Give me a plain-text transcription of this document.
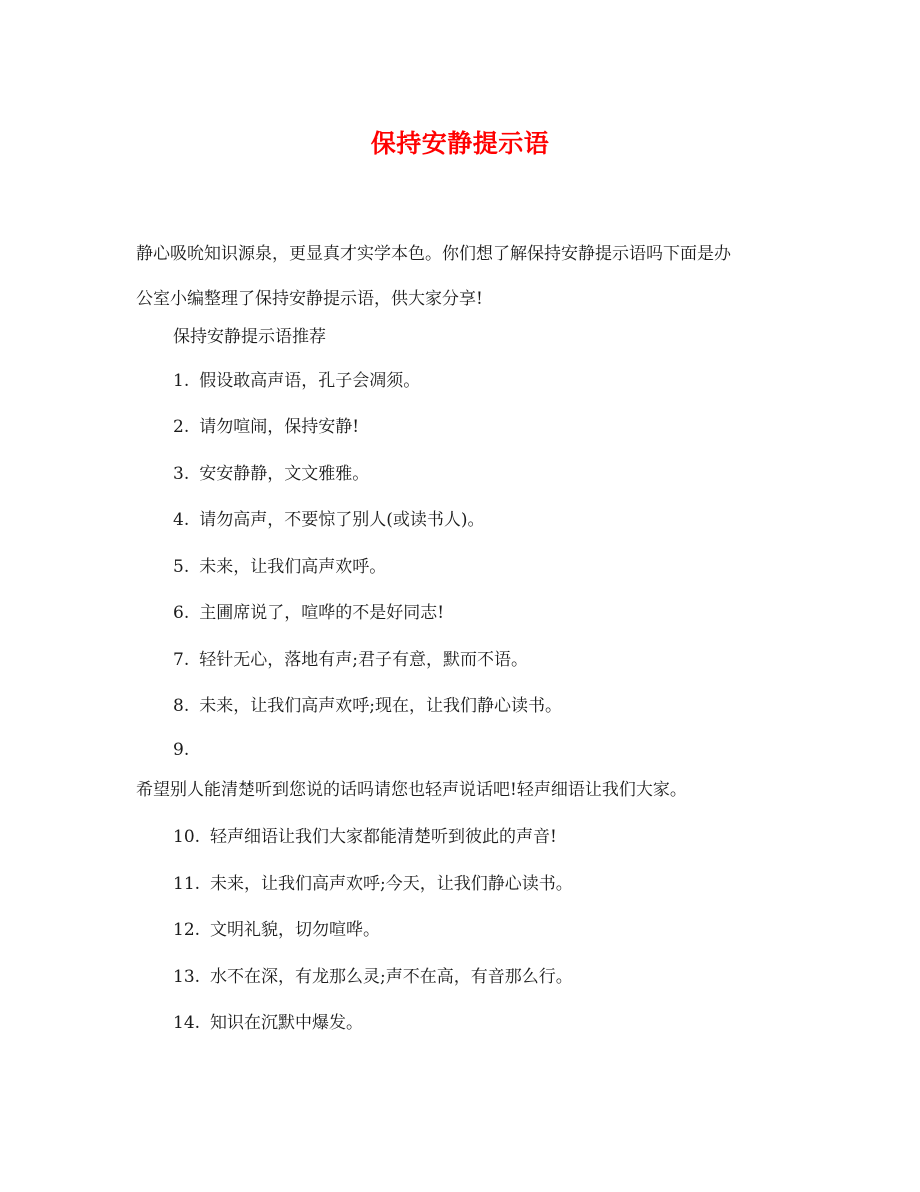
保持安静提示语
静心吸吮知识源泉，更显真才实学本色。你们想了解保持安静提示语吗下面是办
公室小编整理了保持安静提示语，供大家分享!
保持安静提示语推荐
1. 假设敢高声语，孔子会凋须。
2. 请勿喧闹，保持安静!
3. 安安静静，文文雅雅。
4. 请勿高声，不要惊了别人(或读书人)。
5. 未来，让我们高声欢呼。
6. 主圃席说了，喧哗的不是好同志!
7. 轻针无心，落地有声;君子有意，默而不语。
8. 未来，让我们高声欢呼;现在，让我们静心读书。
9.
希望别人能清楚听到您说的话吗请您也轻声说话吧!轻声细语让我们大家。
10. 轻声细语让我们大家都能清楚听到彼此的声音!
11. 未来，让我们高声欢呼;今天，让我们静心读书。
12. 文明礼貌，切勿喧哗。
13. 水不在深，有龙那么灵;声不在高，有音那么行。
14. 知识在沉默中爆发。
